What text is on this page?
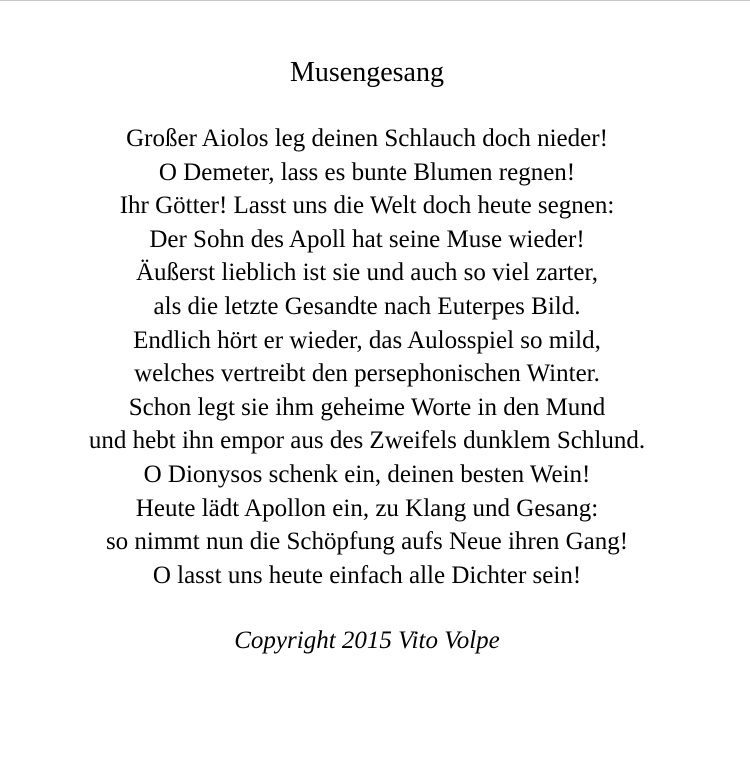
Musengesang
Großer Aiolos leg deinen Schlauch doch nieder!
O Demeter, lass es bunte Blumen regnen!
Ihr Götter! Lasst uns die Welt doch heute segnen:
Der Sohn des Apoll hat seine Muse wieder!
Äußerst lieblich ist sie und auch so viel zarter,
als die letzte Gesandte nach Euterpes Bild.
Endlich hört er wieder, das Aulosspiel so mild,
welches vertreibt den persephonischen Winter.
Schon legt sie ihm geheime Worte in den Mund
und hebt ihn empor aus des Zweifels dunklem Schlund.
O Dionysos schenk ein, deinen besten Wein!
Heute lädt Apollon ein, zu Klang und Gesang:
so nimmt nun die Schöpfung aufs Neue ihren Gang!
O lasst uns heute einfach alle Dichter sein!
Copyright 2015 Vito Volpe
